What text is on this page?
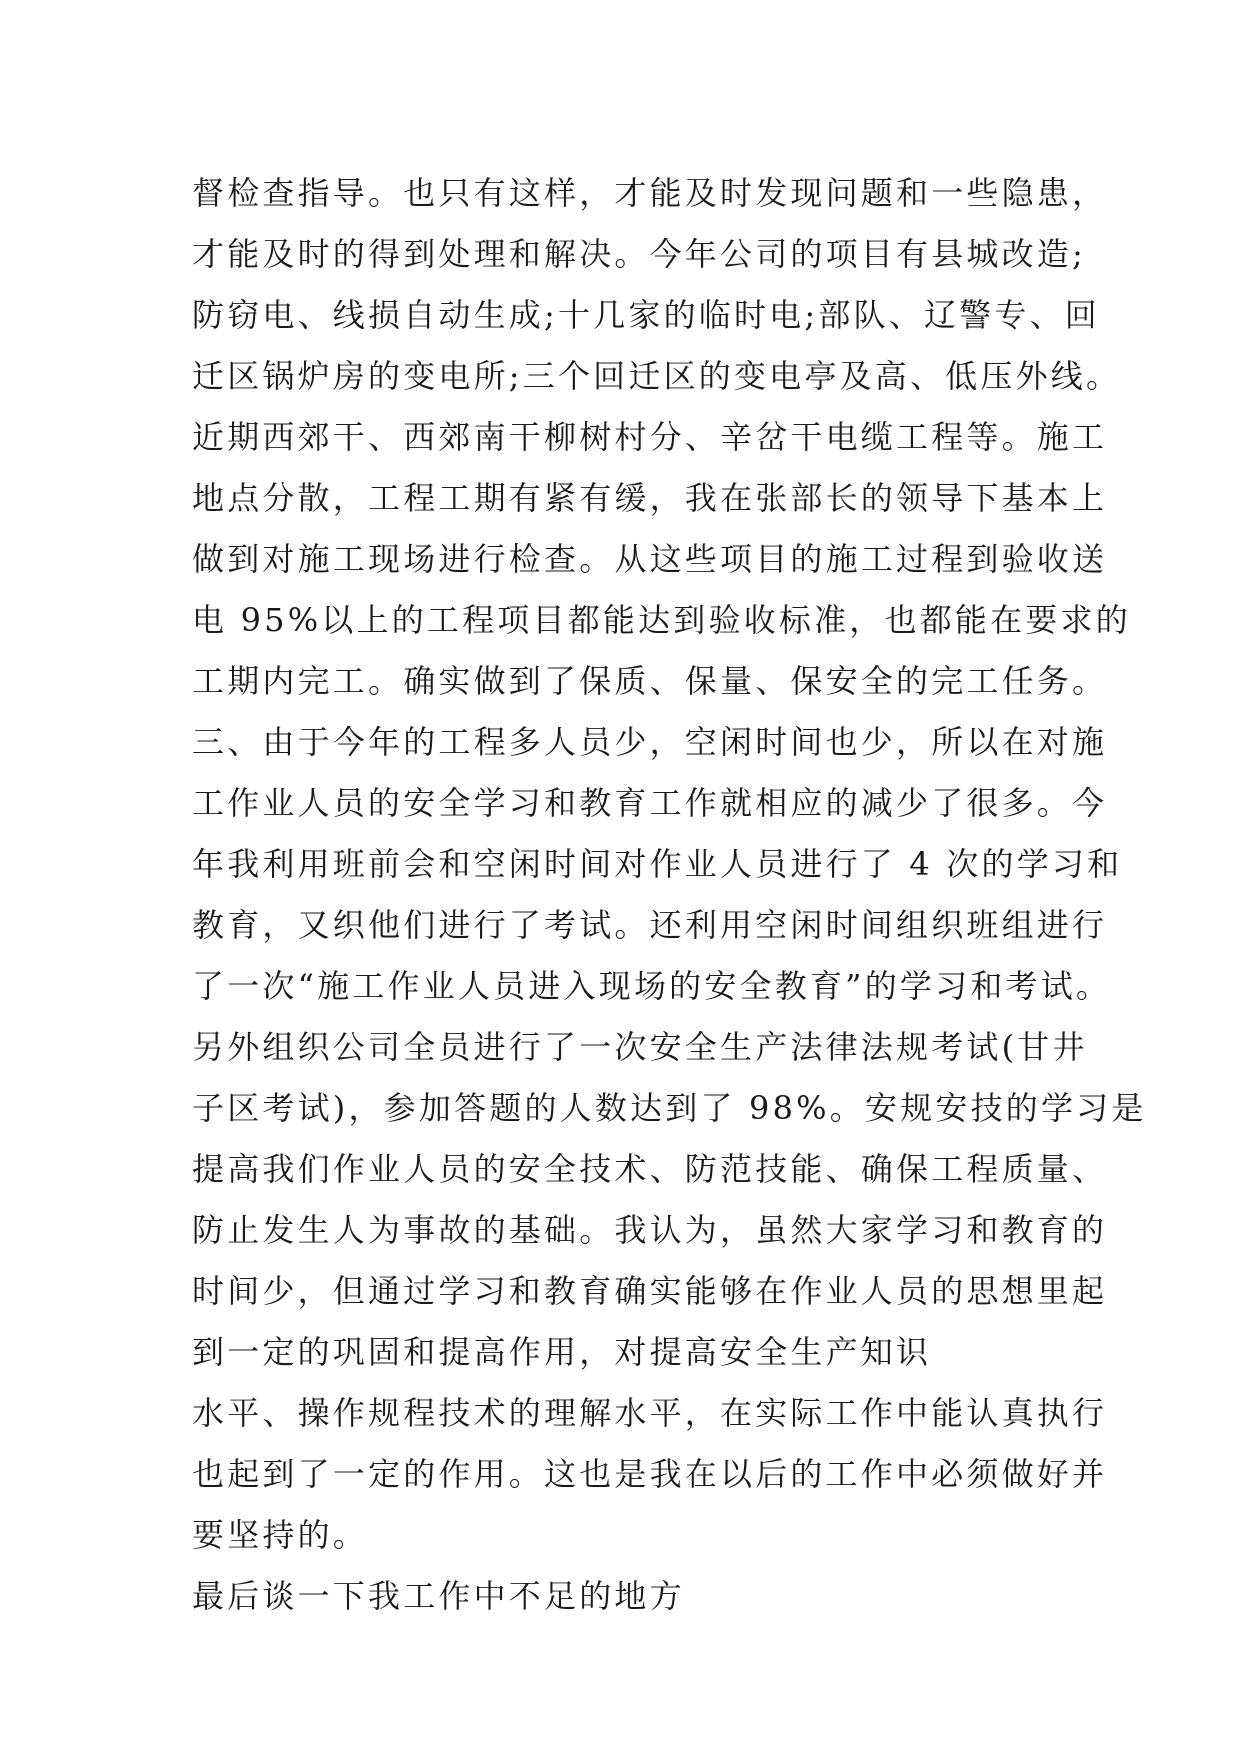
督检查指导。也只有这样，才能及时发现问题和一些隐患，
才能及时的得到处理和解决。今年公司的项目有县城改造;
防窃电、线损自动生成;十几家的临时电;部队、辽警专、回
迁区锅炉房的变电所;三个回迁区的变电亭及高、低压外线。
近期西郊干、西郊南干柳树村分、辛岔干电缆工程等。施工
地点分散，工程工期有紧有缓，我在张部长的领导下基本上
做到对施工现场进行检查。从这些项目的施工过程到验收送
电 95%以上的工程项目都能达到验收标准，也都能在要求的
工期内完工。确实做到了保质、保量、保安全的完工任务。
三、由于今年的工程多人员少，空闲时间也少，所以在对施
工作业人员的安全学习和教育工作就相应的减少了很多。今
年我利用班前会和空闲时间对作业人员进行了 4 次的学习和
教育，又织他们进行了考试。还利用空闲时间组织班组进行
了一次“施工作业人员进入现场的安全教育”的学习和考试。
另外组织公司全员进行了一次安全生产法律法规考试(甘井
子区考试)，参加答题的人数达到了 98%。安规安技的学习是
提高我们作业人员的安全技术、防范技能、确保工程质量、
防止发生人为事故的基础。我认为，虽然大家学习和教育的
时间少，但通过学习和教育确实能够在作业人员的思想里起
到一定的巩固和提高作用，对提高安全生产知识
水平、操作规程技术的理解水平，在实际工作中能认真执行
也起到了一定的作用。这也是我在以后的工作中必须做好并
要坚持的。
最后谈一下我工作中不足的地方
